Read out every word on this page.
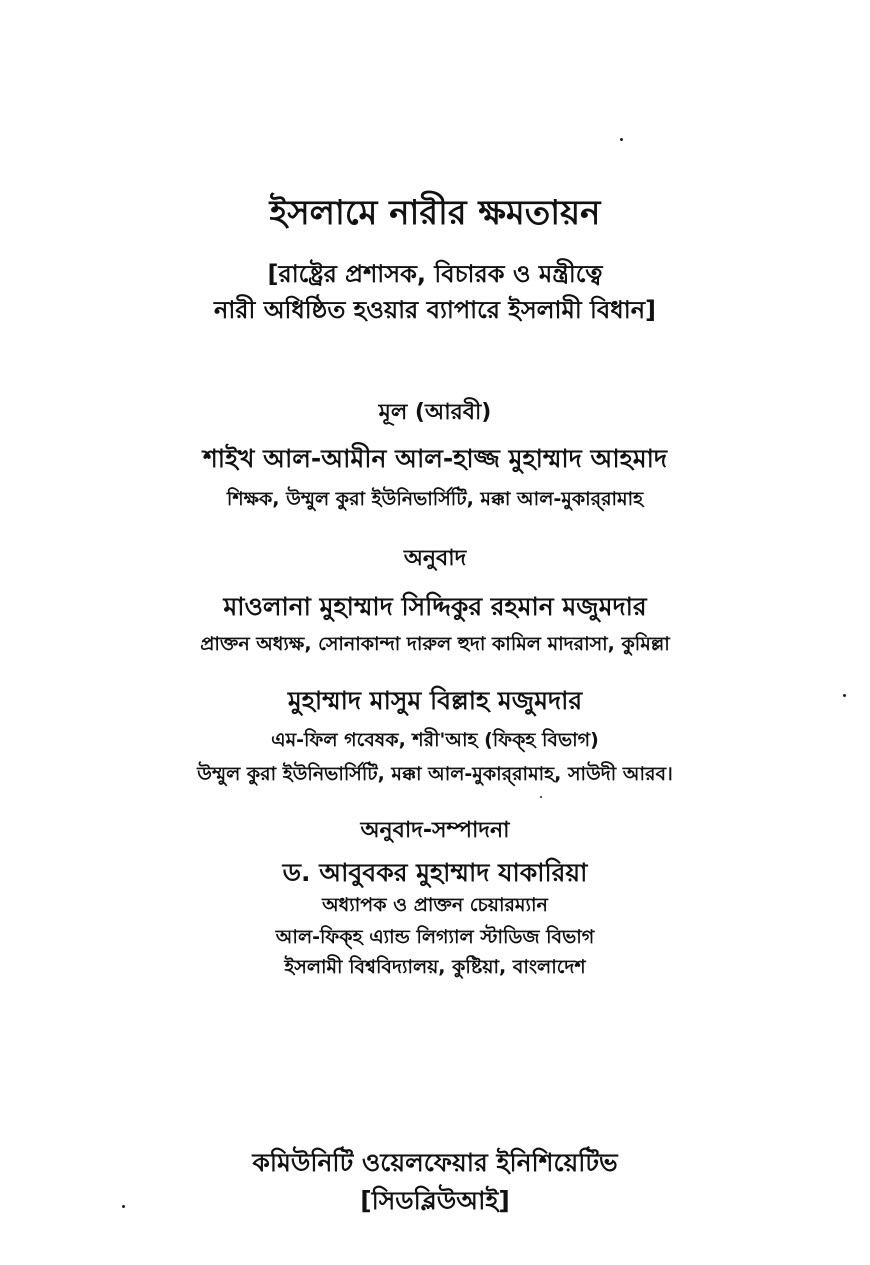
ইসলামে নারীর ক্ষমতায়ন
[রাষ্ট্রের প্রশাসক, বিচারক ও মন্ত্রীত্বে
নারী অধিষ্ঠিত হওয়ার ব্যাপারে ইসলামী বিধান]
মূল (আরবী)
শাইখ আল-আমীন আল-হাজ্জ মুহাম্মাদ আহমাদ
শিক্ষক, উম্মুল কুরা ইউনিভার্সিটি, মক্কা আল-মুকার্‌রামাহ
অনুবাদ
মাওলানা মুহাম্মাদ সিদ্দিকুর রহমান মজুমদার
প্রাক্তন অধ্যক্ষ, সোনাকান্দা দারুল হুদা কামিল মাদরাসা, কুমিল্লা
মুহাম্মাদ মাসুম বিল্লাহ মজুমদার
এম-ফিল গবেষক, শরী'আহ (ফিক্‌হ বিভাগ)
উম্মুল কুরা ইউনিভার্সিটি, মক্কা আল-মুকার্‌রামাহ, সাউদী আরব।
অনুবাদ-সম্পাদনা
ড. আবুবকর মুহাম্মাদ যাকারিয়া
অধ্যাপক ও প্রাক্তন চেয়ারম্যান
আল-ফিক্‌হ এ্যান্ড লিগ্যাল স্টাডিজ বিভাগ
ইসলামী বিশ্ববিদ্যালয়, কুষ্টিয়া, বাংলাদেশ
কমিউনিটি ওয়েলফেয়ার ইনিশিয়েটিভ
[সিডব্লিউআই]
